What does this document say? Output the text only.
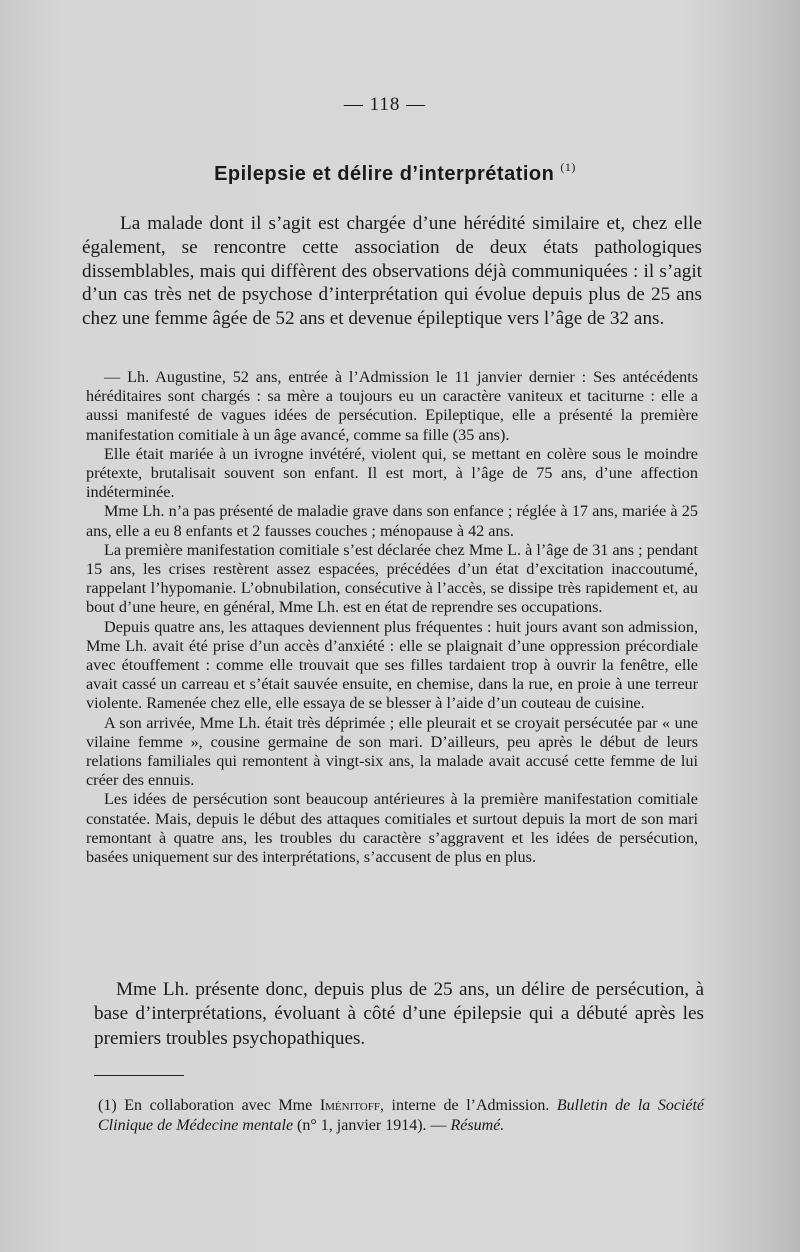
— 118 —
Epilepsie et délire d’interprétation $^{(1)}$

La malade dont il s’agit est chargée d’une hérédité similaire et, chez elle également, se rencontre cette association de deux états pathologiques dissemblables, mais qui diffèrent des observations déjà communiquées : il s’agit d’un cas très net de psychose d’interprétation qui évolue depuis plus de 25 ans chez une femme âgée de 52 ans et devenue épileptique vers l’âge de 32 ans.

— Lh. Augustine, 52 ans, entrée à l’Admission le 11 janvier dernier : Ses antécédents héréditaires sont chargés : sa mère a toujours eu un caractère vaniteux et taciturne : elle a aussi manifesté de vagues idées de persécution. Epileptique, elle a présenté la première manifestation comitiale à un âge avancé, comme sa fille (35 ans).

Elle était mariée à un ivrogne invétéré, violent qui, se mettant en colère sous le moindre prétexte, brutalisait souvent son enfant. Il est mort, à l’âge de 75 ans, d’une affection indéterminée.

Mme Lh. n’a pas présenté de maladie grave dans son enfance ; réglée à 17 ans, mariée à 25 ans, elle a eu 8 enfants et 2 fausses couches ; ménopause à 42 ans.

La première manifestation comitiale s’est déclarée chez Mme L. à l’âge de 31 ans ; pendant 15 ans, les crises restèrent assez espacées, précédées d’un état d’excitation inaccoutumé, rappelant l’hypomanie. L’obnubilation, consécutive à l’accès, se dissipe très rapidement et, au bout d’une heure, en général, Mme Lh. est en état de reprendre ses occupations.

Depuis quatre ans, les attaques deviennent plus fréquentes : huit jours avant son admission, Mme Lh. avait été prise d’un accès d’anxiété : elle se plaignait d’une oppression précordiale avec étouffement : comme elle trouvait que ses filles tardaient trop à ouvrir la fenêtre, elle avait cassé un carreau et s’était sauvée ensuite, en chemise, dans la rue, en proie à une terreur violente. Ramenée chez elle, elle essaya de se blesser à l’aide d’un couteau de cuisine.

A son arrivée, Mme Lh. était très déprimée ; elle pleurait et se croyait persécutée par « une vilaine femme », cousine germaine de son mari. D’ailleurs, peu après le début de leurs relations familiales qui remontent à vingt-six ans, la malade avait accusé cette femme de lui créer des ennuis.

Les idées de persécution sont beaucoup antérieures à la première manifestation comitiale constatée. Mais, depuis le début des attaques comitiales et surtout depuis la mort de son mari remontant à quatre ans, les troubles du caractère s’aggravent et les idées de persécution, basées uniquement sur des interprétations, s’accusent de plus en plus.

Mme Lh. présente donc, depuis plus de 25 ans, un délire de persécution, à base d’interprétations, évoluant à côté d’une épilepsie qui a débuté après les premiers troubles psychopathiques.

(1) En collaboration avec Mme Iménitoff, interne de l’Admission. Bulletin de la Société Clinique de Médecine mentale (n° 1, janvier 1914). — Résumé.
